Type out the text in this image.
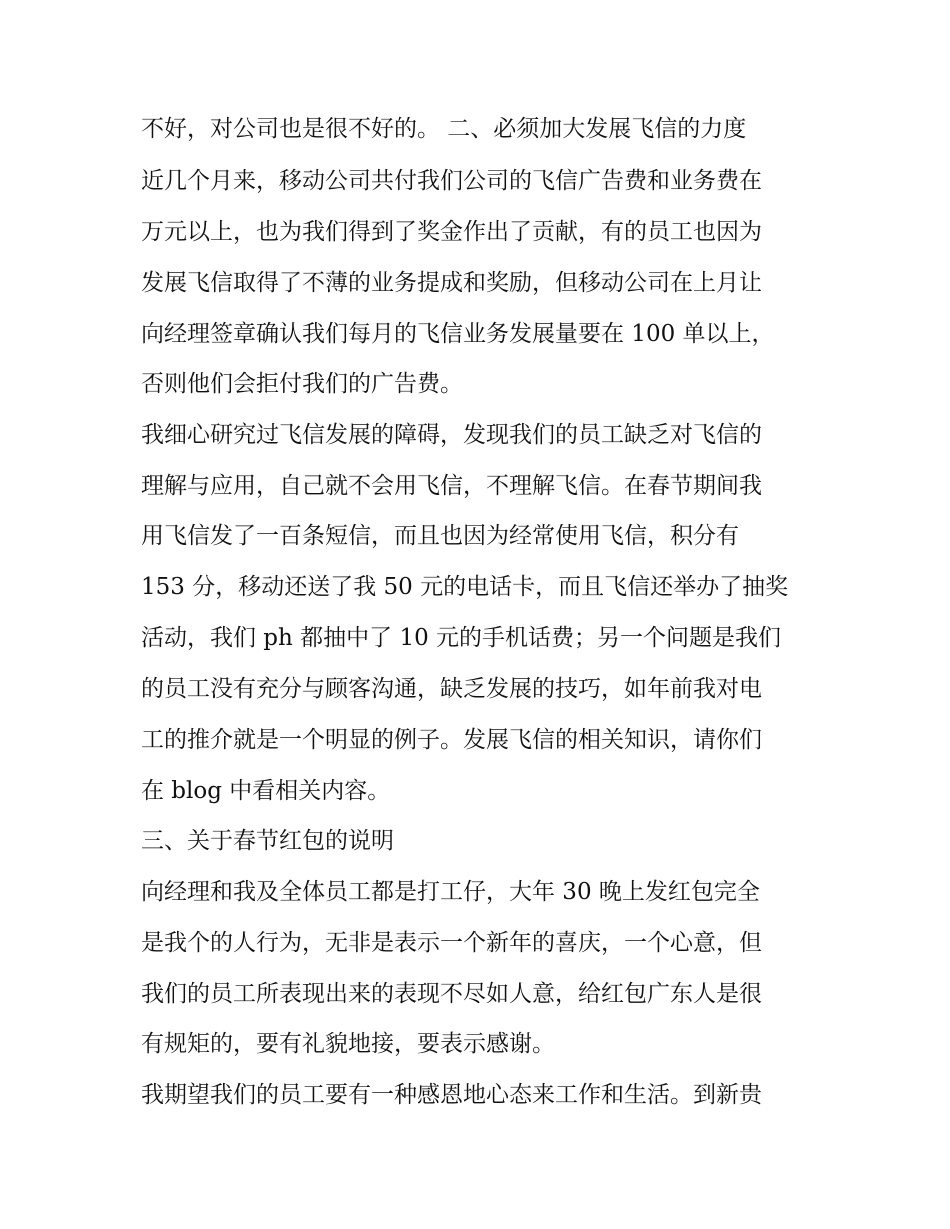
不好，对公司也是很不好的。 二、必须加大发展飞信的力度
近几个月来，移动公司共付我们公司的飞信广告费和业务费在
万元以上，也为我们得到了奖金作出了贡献，有的员工也因为
发展飞信取得了不薄的业务提成和奖励，但移动公司在上月让
向经理签章确认我们每月的飞信业务发展量要在 100 单以上，
否则他们会拒付我们的广告费。
我细心研究过飞信发展的障碍，发现我们的员工缺乏对飞信的
理解与应用，自己就不会用飞信，不理解飞信。在春节期间我
用飞信发了一百条短信，而且也因为经常使用飞信，积分有
153 分，移动还送了我 50 元的电话卡，而且飞信还举办了抽奖
活动，我们 ph 都抽中了 10 元的手机话费；另一个问题是我们
的员工没有充分与顾客沟通，缺乏发展的技巧，如年前我对电
工的推介就是一个明显的例子。发展飞信的相关知识，请你们
在 blog 中看相关内容。
三、关于春节红包的说明
向经理和我及全体员工都是打工仔，大年 30 晚上发红包完全
是我个的人行为，无非是表示一个新年的喜庆，一个心意，但
我们的员工所表现出来的表现不尽如人意，给红包广东人是很
有规矩的，要有礼貌地接，要表示感谢。
我期望我们的员工要有一种感恩地心态来工作和生活。到新贵
